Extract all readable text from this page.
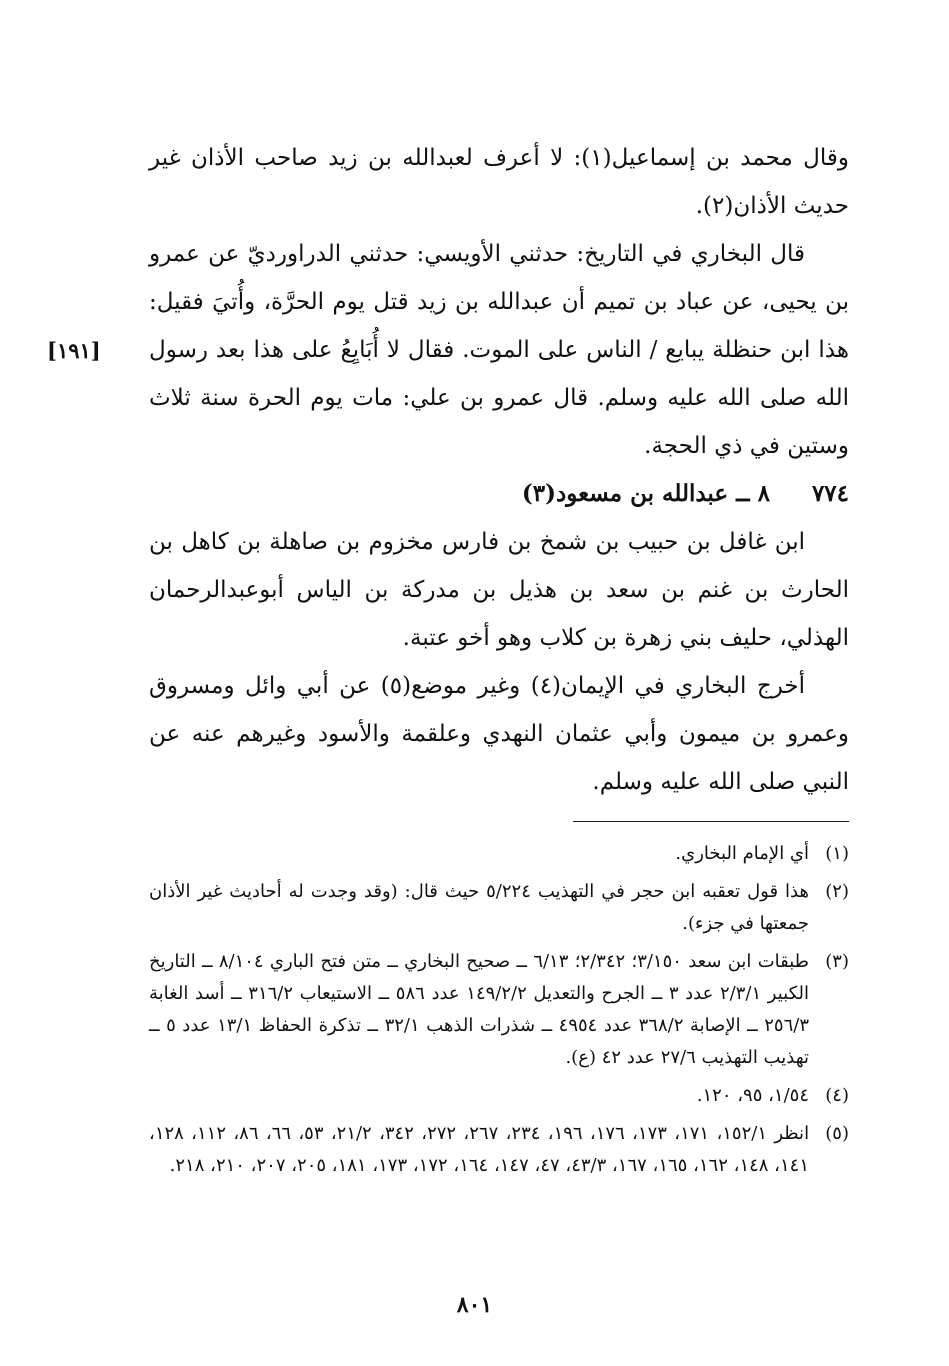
[١٩١]

وقال محمد بن إسماعيل(١): لا أعرف لعبدالله بن زيد صاحب الأذان غير حديث الأذان(٢).

قال البخاري في التاريخ: حدثني الأويسي: حدثني الدراورديّ عن عمرو بن يحيى، عن عباد بن تميم أن عبدالله بن زيد قتل يوم الحرَّة، وأُتيَ فقيل: هذا ابن حنظلة يبايع / الناس على الموت. فقال لا أُبَايِعُ على هذا بعد رسول الله صلى الله عليه وسلم. قال عمرو بن علي: مات يوم الحرة سنة ثلاث وستين في ذي الحجة.

٧٧٤
٨ ــ عبدالله بن مسعود(٣)

ابن غافل بن حبيب بن شمخ بن فارس مخزوم بن صاهلة بن كاهل بن الحارث بن غنم بن سعد بن هذيل بن مدركة بن الياس أبوعبدالرحمان الهذلي، حليف بني زهرة بن كلاب وهو أخو عتبة.

أخرج البخاري في الإيمان(٤) وغير موضع(٥) عن أبي وائل ومسروق وعمرو بن ميمون وأبي عثمان النهدي وعلقمة والأسود وغيرهم عنه عن النبي صلى الله عليه وسلم.

(١)
أي الإمام البخاري.
(٢)
هذا قول تعقبه ابن حجر في التهذيب ٥/٢٢٤ حيث قال: (وقد وجدت له أحاديث غير الأذان جمعتها في جزء).
(٣)
طبقات ابن سعد ٣/١٥٠؛ ٢/٣٤٢؛ ٦/١٣ ــ صحيح البخاري ــ متن فتح الباري ٨/١٠٤ ــ التاريخ الكبير ٢/٣/١ عدد ٣ ــ الجرح والتعديل ١٤٩/٢/٢ عدد ٥٨٦ ــ الاستيعاب ٣١٦/٢ ــ أسد الغابة ٢٥٦/٣ ــ الإصابة ٣٦٨/٢ عدد ٤٩٥٤ ــ شذرات الذهب ٣٢/١ ــ تذكرة الحفاظ ١٣/١ عدد ٥ ــ تهذيب التهذيب ٢٧/٦ عدد ٤٢ (ع).
(٤)
١/٥٤، ٩٥، ١٢٠.
(٥)
انظر ١٥٢/١، ١٧١، ١٧٣، ١٧٦، ١٩٦، ٢٣٤، ٢٦٧، ٢٧٢، ٣٤٢، ٢١/٢، ٥٣، ٦٦، ٨٦، ١١٢، ١٢٨، ١٤١، ١٤٨، ١٦٢، ١٦٥، ١٦٧، ٤٣/٣، ٤٧، ١٤٧، ١٦٤، ١٧٢، ١٧٣، ١٨١، ٢٠٥، ٢٠٧، ٢١٠، ٢١٨.
٨٠١
